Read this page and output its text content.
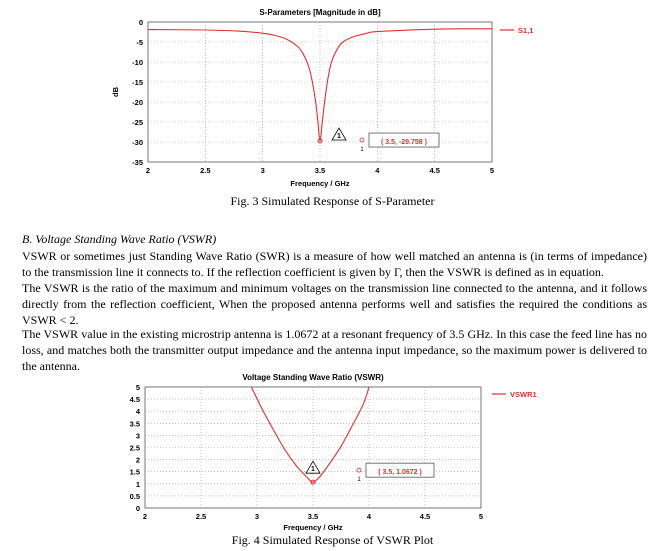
2	2.5	3	3.5	4	4.5	5
0
-5
-10
-15
-20
-25
-30
-35
S-Parameters [Magnitude in dB]
Frequency / GHz
dB
S1,1
1
1
( 3.5, -29.758 )
Fig. 3 Simulated Response of S-Parameter
B. Voltage Standing Wave Ratio (VSWR)
VSWR or sometimes just Standing Wave Ratio (SWR) is a measure of how well matched an antenna is (in terms of impedance) to the transmission line it connects to. If the reflection coefficient is given by Γ, then the VSWR is defined as in equation.
The VSWR is the ratio of the maximum and minimum voltages on the transmission line connected to the antenna, and it follows directly from the reflection coefficient, When the proposed antenna performs well and satisfies the required the conditions as VSWR < 2.
The VSWR value in the existing microstrip antenna is 1.0672 at a resonant frequency of 3.5 GHz. In this case the feed line has no loss, and matches both the transmitter output impedance and the antenna input impedance, so the maximum power is delivered to the antenna.
2	2.5	3	3.5	4	4.5	5
5
4.5
4
3.5
3
2.5
2
1.5
1
0.5
0
Voltage Standing Wave Ratio (VSWR)
Frequency / GHz
VSWR1
1
1
( 3.5, 1.0672 )
Fig. 4 Simulated Response of VSWR Plot
